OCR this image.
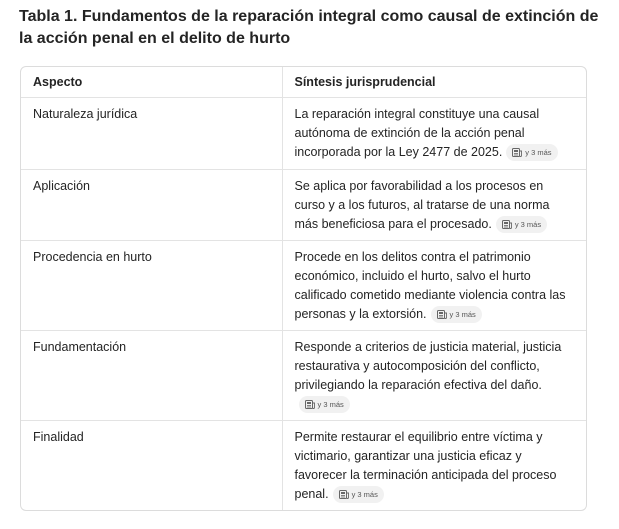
Tabla 1. Fundamentos de la reparación integral como causal de extinción de la acción penal en el delito de hurto
Aspecto	Síntesis jurisprudencial
Naturaleza jurídica	La reparación integral constituye una causal autónoma de extinción de la acción penal incorporada por la Ley 2477 de 2025. y 3 más

Aplicación	Se aplica por favorabilidad a los procesos en curso y a los futuros, al tratarse de una norma más beneficiosa para el procesado. y 3 más

Procedencia en hurto	Procede en los delitos contra el patrimonio económico, incluido el hurto, salvo el hurto calificado cometido mediante violencia contra las personas y la extorsión. y 3 más

Fundamentación	Responde a criterios de justicia material, justicia restaurativa y autocomposición del conflicto, privilegiando la reparación efectiva del daño.
y 3 más

Finalidad	Permite restaurar el equilibrio entre víctima y victimario, garantizar una justicia eficaz y favorecer la terminación anticipada del proceso penal. y 3 más
